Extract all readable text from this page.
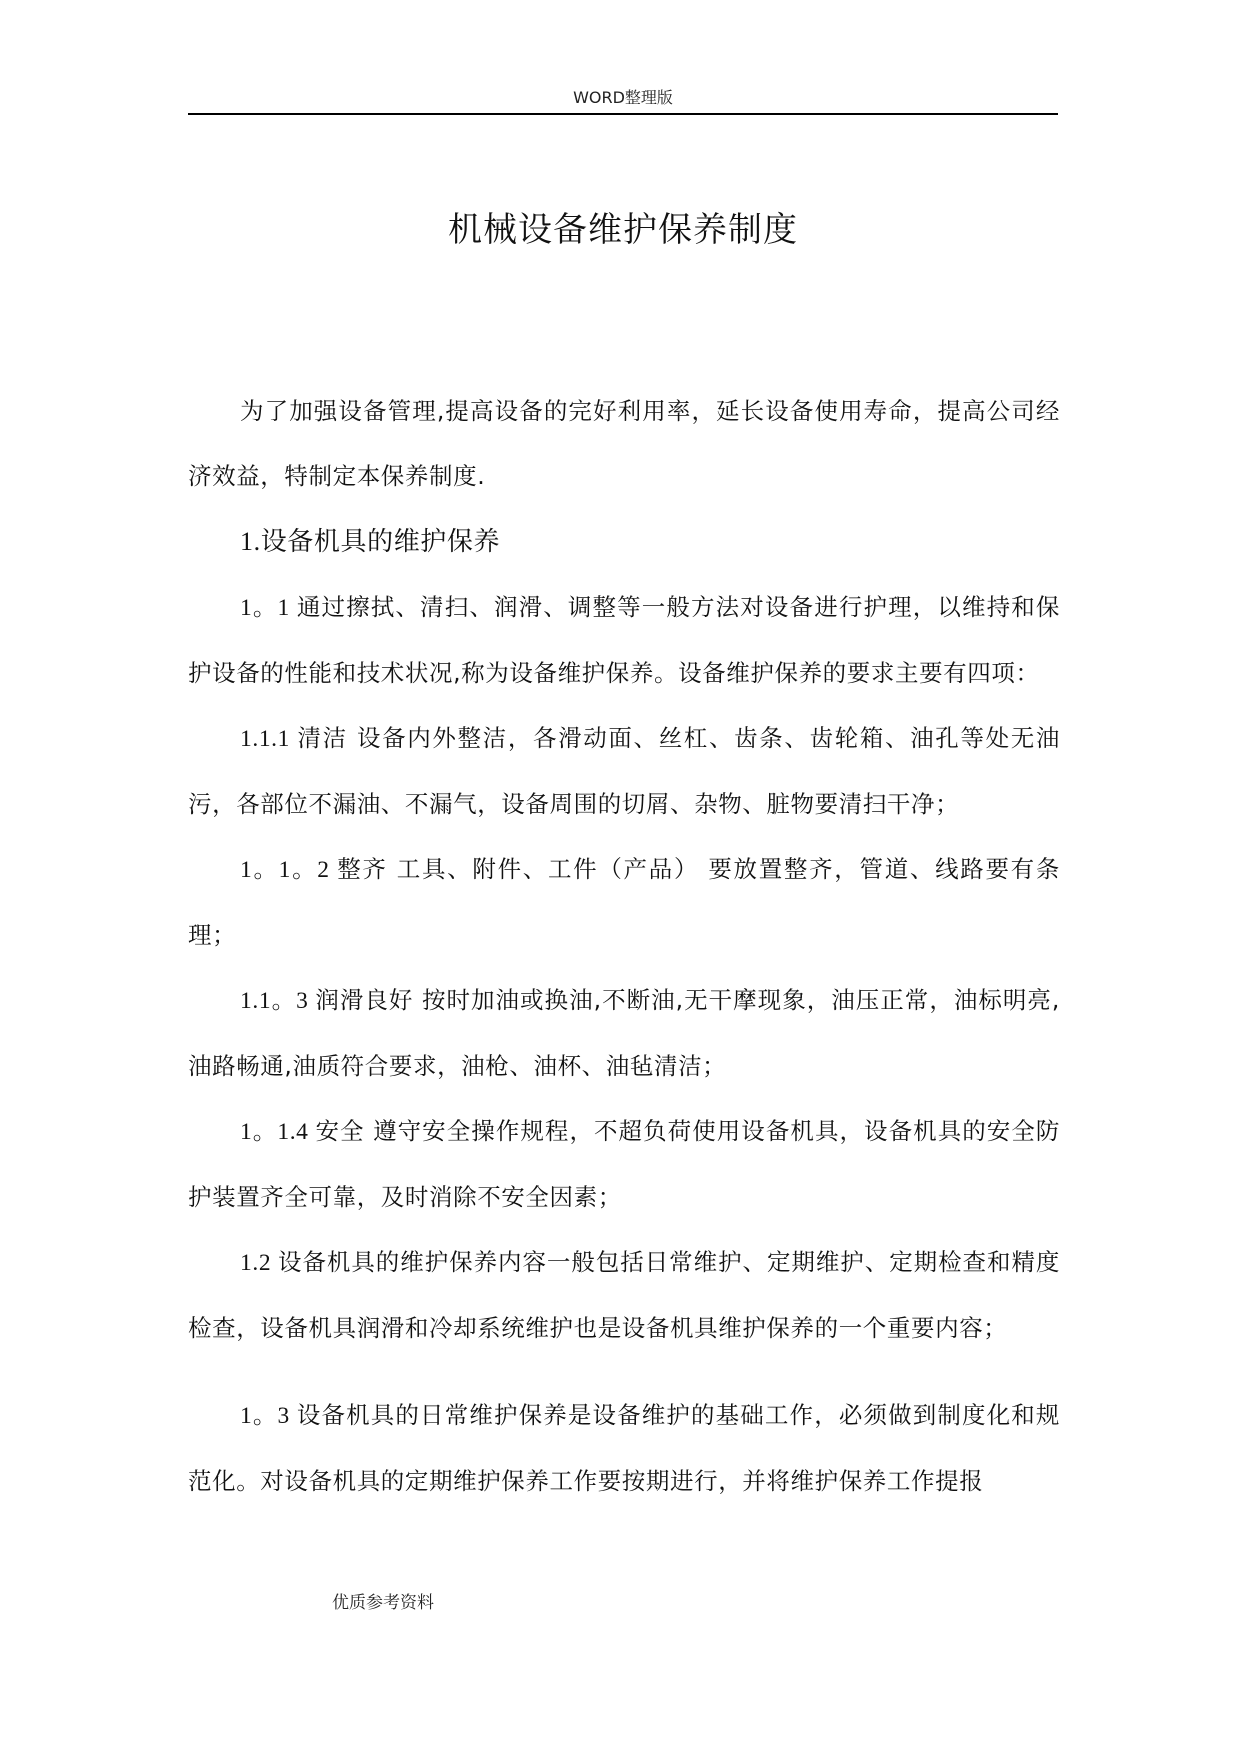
WORD整理版
机械设备维护保养制度

为了加强设备管理,提高设备的完好利用率，延长设备使用寿命，提高公司经济效益，特制定本保养制度.

1.设备机具的维护保养

1。1 通过擦拭、清扫、润滑、调整等一般方法对设备进行护理，以维持和保护设备的性能和技术状况,称为设备维护保养。设备维护保养的要求主要有四项：

1.1.1 清洁 设备内外整洁，各滑动面、丝杠、齿条、齿轮箱、油孔等处无油污，各部位不漏油、不漏气，设备周围的切屑、杂物、脏物要清扫干净；

1。1。2 整齐 工具、附件、工件（产品） 要放置整齐，管道、线路要有条理；

1.1。3 润滑良好 按时加油或换油,不断油,无干摩现象，油压正常，油标明亮,油路畅通,油质符合要求，油枪、油杯、油毡清洁；

1。1.4 安全 遵守安全操作规程，不超负荷使用设备机具，设备机具的安全防护装置齐全可靠，及时消除不安全因素；

1.2 设备机具的维护保养内容一般包括日常维护、定期维护、定期检查和精度检查，设备机具润滑和冷却系统维护也是设备机具维护保养的一个重要内容；

1。3 设备机具的日常维护保养是设备维护的基础工作，必须做到制度化和规范化。对设备机具的定期维护保养工作要按期进行，并将维护保养工作提报

优质参考资料
